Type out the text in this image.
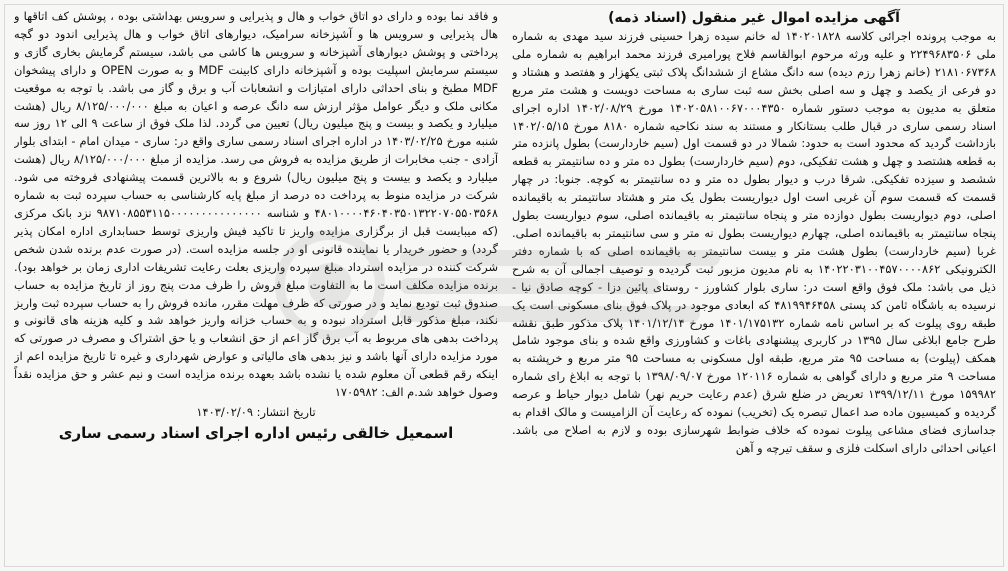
آگهی مزایده اموال غیر منقول (اسناد ذمه)

به موجب پرونده اجرائی کلاسه ۱۴۰۲۰۱۸۲۸ له خانم سیده زهرا حسینی فرزند سید مهدی به شماره ملی ۲۲۴۹۶۸۳۵۰۶ و علیه ورثه مرحوم ابوالقاسم فلاح پورامیری فرزند محمد ابراهیم به شماره ملی ۲۱۸۱۰۶۷۳۶۸ (خانم زهرا رزم دیده) سه دانگ مشاع از ششدانگ پلاک ثبتی یکهزار و هفتصد و هشتاد و دو فرعی از یکصد و چهل و سه اصلی بخش سه ثبت ساری به مساحت دویست و هشت متر مربع متعلق به مدیون به موجب دستور شماره ۱۴۰۲۰۵۸۱۰۰۶۷۰۰۰۴۳۵۰ مورخ ۱۴۰۲/۰۸/۲۹ اداره اجرای اسناد رسمی ساری در قبال طلب بستانکار و مستند به سند نکاحیه شماره ۸۱۸۰ مورخ ۱۴۰۲/۰۵/۱۵ بازداشت گردید که محدود است به حدود: شمالا در دو قسمت اول (سیم خاردارست) بطول پانزده متر به قطعه هشتصد و چهل و هشت تفکیکی، دوم (سیم خاردارست) بطول ده متر و ده سانتیمتر به قطعه ششصد و سیزده تفکیکی. شرقا درب و دیوار بطول ده متر و ده سانتیمتر به کوچه. جنوبا: در چهار قسمت که قسمت سوم آن غربی است اول دیواریست بطول یک متر و هشتاد سانتیمتر به باقیمانده اصلی، دوم دیواریست بطول دوازده متر و پنجاه سانتیمتر به باقیمانده اصلی، سوم دیواریست بطول پنجاه سانتیمتر به باقیمانده اصلی، چهارم دیواریست بطول نه متر و سی سانتیمتر به باقیمانده اصلی. غربا (سیم خاردارست) بطول هشت متر و بیست سانتیمتر به باقیمانده اصلی که با شماره دفتر الکترونیکی ۱۴۰۲۲۰۳۱۰۰۴۵۷۰۰۰۰۸۶۲ به نام مدیون مزبور ثبت گردیده و توصیف اجمالی آن به شرح ذیل می باشد: ملک فوق واقع است در: ساری بلوار کشاورز - روستای پائین دزا - کوچه صادق نیا - نرسیده به باشگاه ثامن کد پستی ۴۸۱۹۹۴۶۴۵۸ که ابعادی موجود در پلاک فوق بنای مسکونی است یک طبقه روی پیلوت که بر اساس نامه شماره ۱۴۰۱/۱۷۵۱۳۲ مورخ ۱۴۰۱/۱۲/۱۴ پلاک مذکور طبق نقشه طرح جامع ابلاغی سال ۱۳۹۵ در کاربری پیشنهادی باغات و کشاورزی واقع شده و بنای موجود شامل همکف (پیلوت) به مساحت ۹۵ متر مربع، طبقه اول مسکونی به مساحت ۹۵ متر مربع و خرپشته به مساحت ۹ متر مربع و دارای گواهی به شماره ۱۲۰۱۱۶ مورخ ۱۳۹۸/۰۹/۰۷ با توجه به ابلاغ رای شماره ۱۵۹۹۸۲ مورخ ۱۳۹۹/۱۲/۱۱ تعریض در ضلع شرق (عدم رعایت حریم نهر) شامل دیوار حیاط و عرصه گردیده و کمیسیون ماده صد اعمال تبصره یک (تخریب) نموده که رعایت آن الزامیست و مالک اقدام به جداسازی فضای مشاعی پیلوت نموده که خلاف ضوابط شهرسازی بوده و لازم به اصلاح می باشد. اعیانی احداثی دارای اسکلت فلزی و سقف تیرچه و آهن

و فاقد نما بوده و دارای دو اتاق خواب و هال و پذیرایی و سرویس بهداشتی بوده ، پوشش کف اتاقها و هال پذیرایی و سرویس ها و آشپزخانه سرامیک، دیوارهای اتاق خواب و هال پذیرایی اندود دو گچه پرداختی و پوشش دیوارهای آشپزخانه و سرویس ها کاشی می باشد، سیستم گرمایش بخاری گازی و سیستم سرمایش اسپلیت بوده و آشپزخانه دارای کابینت MDF و به صورت OPEN و دارای پیشخوان MDF مطبخ و بنای احداثی دارای امتیازات و انشعابات آب و برق و گاز می باشد. با توجه به موقعیت مکانی ملک و دیگر عوامل مؤثر ارزش سه دانگ عرصه و اعیان به مبلغ ۸/۱۲۵/۰۰۰/۰۰۰ ریال (هشت میلیارد و یکصد و بیست و پنج میلیون ریال) تعیین می گردد. لذا ملک فوق از ساعت ۹ الی ۱۲ روز سه شنبه مورخ ۱۴۰۳/۰۲/۲۵ در اداره اجرای اسناد رسمی ساری واقع در: ساری - میدان امام - ابتدای بلوار آزادی - جنب مخابرات از طریق مزایده به فروش می رسد. مزایده از مبلغ ۸/۱۲۵/۰۰۰/۰۰۰ ریال (هشت میلیارد و یکصد و بیست و پنج میلیون ریال) شروع و به بالاترین قسمت پیشنهادی فروخته می شود. شرکت در مزایده منوط به پرداخت ده درصد از مبلغ پایه کارشناسی به حساب سپرده ثبت به شماره ۴۸۰۱۰۰۰۰۴۶۰۴۰۳۵۰۱۳۲۲۰۷۰۵۵۰۳۵۶۸ و شناسه ۹۸۷۱۰۸۵۵۳۱۱۵۰۰۰۰۰۰۰۰۰۰۰۰۰۰۰ نزد بانک مرکزی (که میبایست قبل از برگزاری مزایده واریز تا تاکید فیش واریزی توسط حسابداری اداره امکان پذیر گردد) و حضور خریدار یا نماینده قانونی او در جلسه مزایده است. (در صورت عدم برنده شدن شخص شرکت کننده در مزایده استرداد مبلغ سپرده واریزی بعلت رعایت تشریفات اداری زمان بر خواهد بود). برنده مزایده مکلف است ما به التفاوت مبلغ فروش را ظرف مدت پنج روز از تاریخ مزایده به حساب صندوق ثبت تودیع نماید و در صورتی که ظرف مهلت مقرر، مانده فروش را به حساب سپرده ثبت واریز نکند، مبلغ مذکور قابل استرداد نبوده و به حساب خزانه واریز خواهد شد و کلیه هزینه های قانونی و پرداخت بدهی های مربوط به آب برق گاز اعم از حق انشعاب و یا حق اشتراک و مصرف در صورتی که مورد مزایده دارای آنها باشد و نیز بدهی های مالیاتی و عوارض شهرداری و غیره تا تاریخ مزایده اعم از اینکه رقم قطعی آن معلوم شده یا نشده باشد بعهده برنده مزایده است و نیم عشر و حق مزایده نقداً وصول خواهد شد.م الف: ۱۷۰۵۹۸۲

تاریخ انتشار: ۱۴۰۳/۰۲/۰۹

اسمعیل خالقی رئیس اداره اجرای اسناد رسمی ساری
